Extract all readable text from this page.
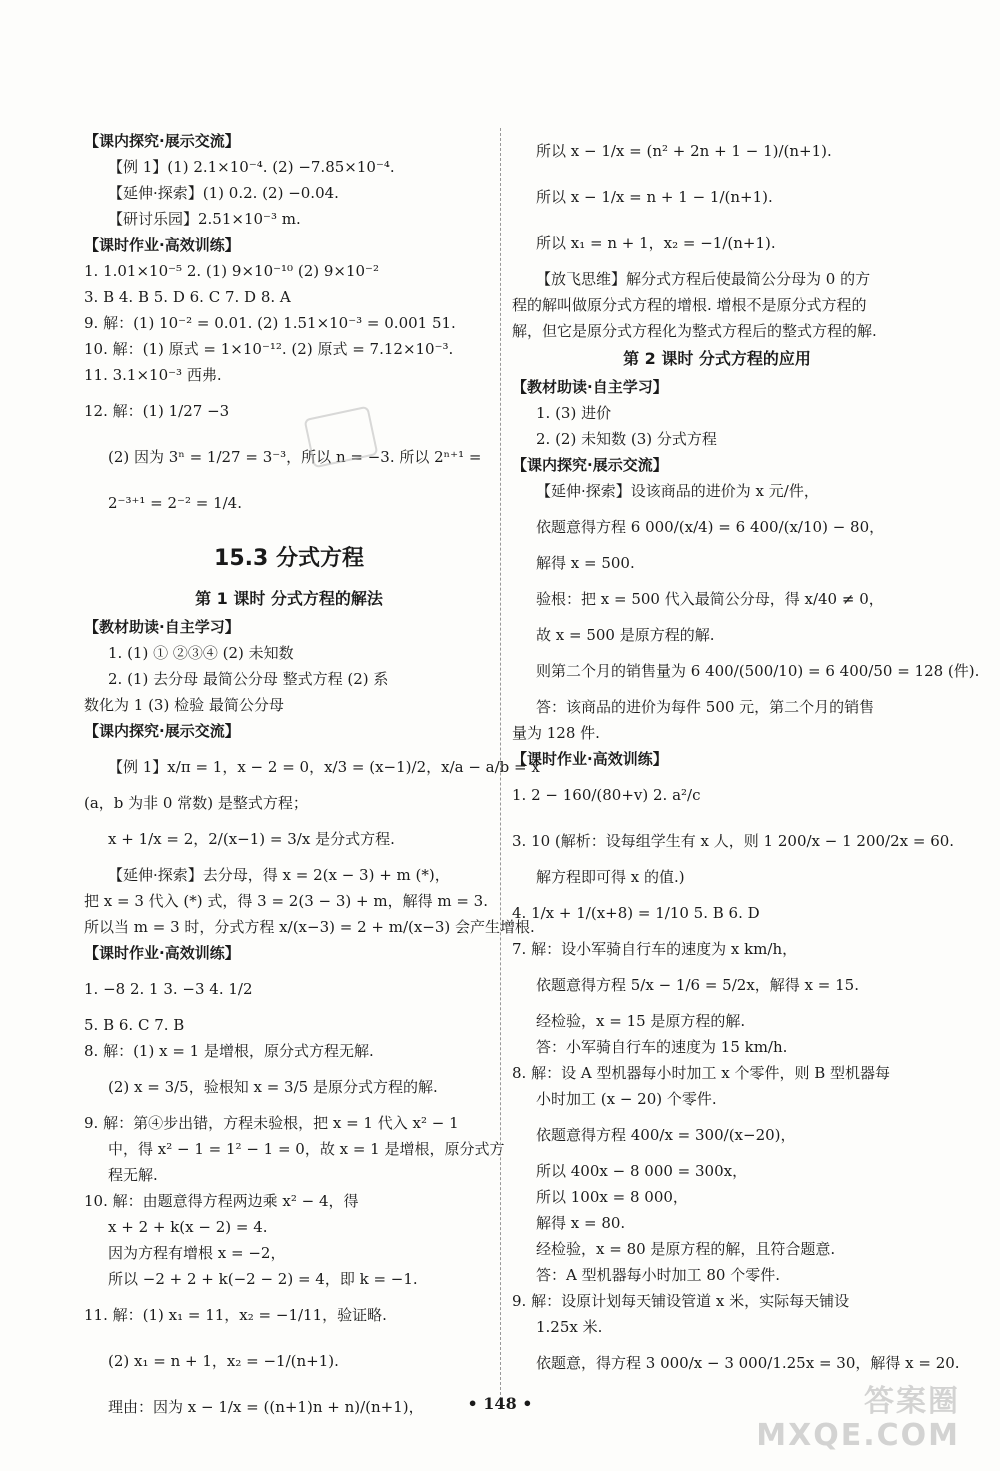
【课内探究·展示交流】

【例 1】(1) 2.1×10⁻⁴. (2) −7.85×10⁻⁴.

【延伸·探索】(1) 0.2. (2) −0.04.

【研讨乐园】2.51×10⁻³ m.

【课时作业·高效训练】

1. 1.01×10⁻⁵ 2. (1) 9×10⁻¹⁰ (2) 9×10⁻²

3. B 4. B 5. D 6. C 7. D 8. A

9. 解：(1) 10⁻² = 0.01. (2) 1.51×10⁻³ = 0.001 51.

10. 解：(1) 原式 = 1×10⁻¹². (2) 原式 = 7.12×10⁻³.

11. 3.1×10⁻³ 西弗.

12. 解：(1) 1/27 −3

(2) 因为 3ⁿ = 1/27 = 3⁻³，所以 n = −3. 所以 2ⁿ⁺¹ =

2⁻³⁺¹ = 2⁻² = 1/4.

15.3 分式方程

第 1 课时 分式方程的解法

【教材助读·自主学习】

1. (1) ① ②③④ (2) 未知数

2. (1) 去分母 最简公分母 整式方程 (2) 系

数化为 1 (3) 检验 最简公分母

【课内探究·展示交流】

【例 1】x/π = 1，x − 2 = 0，x/3 = (x−1)/2，x/a − a/b = x

(a，b 为非 0 常数) 是整式方程；

x + 1/x = 2，2/(x−1) = 3/x 是分式方程.

【延伸·探索】去分母，得 x = 2(x − 3) + m (*)，

把 x = 3 代入 (*) 式，得 3 = 2(3 − 3) + m，解得 m = 3.

所以当 m = 3 时，分式方程 x/(x−3) = 2 + m/(x−3) 会产生增根.

【课时作业·高效训练】

1. −8 2. 1 3. −3 4. 1/2

5. B 6. C 7. B

8. 解：(1) x = 1 是增根，原分式方程无解.

(2) x = 3/5，验根知 x = 3/5 是原分式方程的解.

9. 解：第④步出错，方程未验根，把 x = 1 代入 x² − 1

中，得 x² − 1 = 1² − 1 = 0，故 x = 1 是增根，原分式方

程无解.

10. 解：由题意得方程两边乘 x² − 4，得

x + 2 + k(x − 2) = 4.

因为方程有增根 x = −2，

所以 −2 + 2 + k(−2 − 2) = 4，即 k = −1.

11. 解：(1) x₁ = 11，x₂ = −1/11，验证略.

(2) x₁ = n + 1，x₂ = −1/(n+1).

理由：因为 x − 1/x = ((n+1)n + n)/(n+1)，

所以 x − 1/x = (n² + 2n + 1 − 1)/(n+1).

所以 x − 1/x = n + 1 − 1/(n+1).

所以 x₁ = n + 1，x₂ = −1/(n+1).

【放飞思维】解分式方程后使最简公分母为 0 的方

程的解叫做原分式方程的增根. 增根不是原分式方程的

解，但它是原分式方程化为整式方程后的整式方程的解.

第 2 课时 分式方程的应用

【教材助读·自主学习】

1. (3) 进价

2. (2) 未知数 (3) 分式方程

【课内探究·展示交流】

【延伸·探索】设该商品的进价为 x 元/件，

依题意得方程 6 000/(x/4) = 6 400/(x/10) − 80，

解得 x = 500.

验根：把 x = 500 代入最简公分母，得 x/40 ≠ 0，

故 x = 500 是原方程的解.

则第二个月的销售量为 6 400/(500/10) = 6 400/50 = 128 (件).

答：该商品的进价为每件 500 元，第二个月的销售

量为 128 件.

【课时作业·高效训练】

1. 2 − 160/(80+v) 2. a²/c

3. 10 (解析：设每组学生有 x 人，则 1 200/x − 1 200/2x = 60.

解方程即可得 x 的值.)

4. 1/x + 1/(x+8) = 1/10 5. B 6. D

7. 解：设小军骑自行车的速度为 x km/h，

依题意得方程 5/x − 1/6 = 5/2x，解得 x = 15.

经检验，x = 15 是原方程的解.

答：小军骑自行车的速度为 15 km/h.

8. 解：设 A 型机器每小时加工 x 个零件，则 B 型机器每

小时加工 (x − 20) 个零件.

依题意得方程 400/x = 300/(x−20)，

所以 400x − 8 000 = 300x，

所以 100x = 8 000，

解得 x = 80.

经检验，x = 80 是原方程的解，且符合题意.

答：A 型机器每小时加工 80 个零件.

9. 解：设原计划每天铺设管道 x 米，实际每天铺设

1.25x 米.

依题意，得方程 3 000/x − 3 000/1.25x = 30，解得 x = 20.

• 148 •	答案圈
MXQE.COM
